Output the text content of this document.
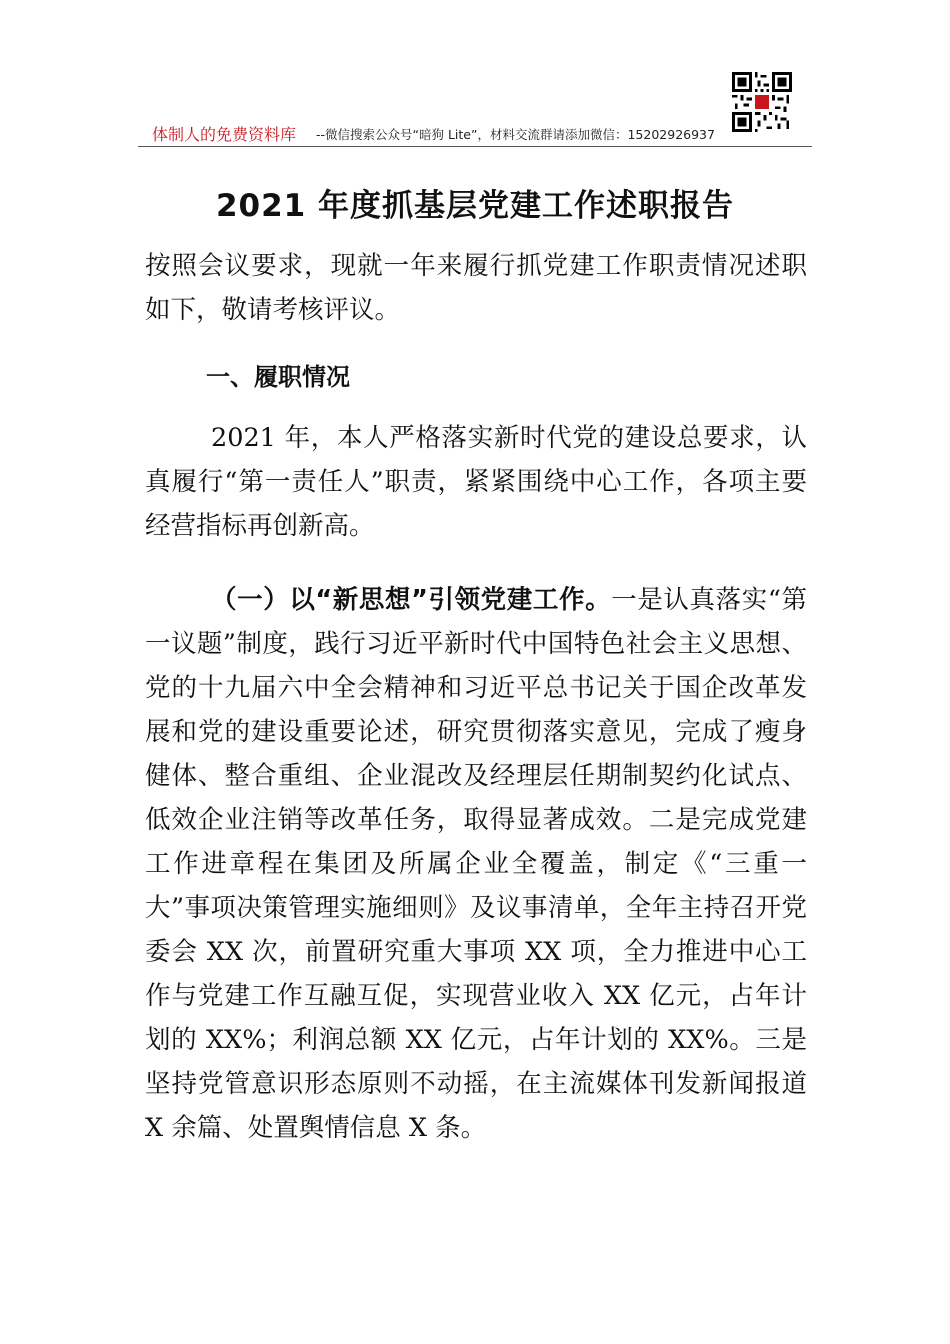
体制人的免费资料库 --微信搜索公众号“暗狗 Lite”，材料交流群请添加微信：15202926937
2021 年度抓基层党建工作述职报告
按照会议要求，现就一年来履行抓党建工作职责情况述职如下，敬请考核评议。
一、履职情况
2021 年，本人严格落实新时代党的建设总要求，认真履行“第一责任人”职责，紧紧围绕中心工作，各项主要经营指标再创新高。
（一）以“新思想”引领党建工作。一是认真落实“第一议题”制度，践行习近平新时代中国特色社会主义思想、党的十九届六中全会精神和习近平总书记关于国企改革发展和党的建设重要论述，研究贯彻落实意见，完成了瘦身健体、整合重组、企业混改及经理层任期制契约化试点、低效企业注销等改革任务，取得显著成效。二是完成党建工作进章程在集团及所属企业全覆盖，制定《“三重一大”事项决策管理实施细则》及议事清单，全年主持召开党委会 XX 次，前置研究重大事项 XX 项，全力推进中心工作与党建工作互融互促，实现营业收入 XX 亿元，占年计划的 XX%；利润总额 XX 亿元，占年计划的 XX%。三是坚持党管意识形态原则不动摇，在主流媒体刊发新闻报道 X 余篇、处置舆情信息 X 条。
